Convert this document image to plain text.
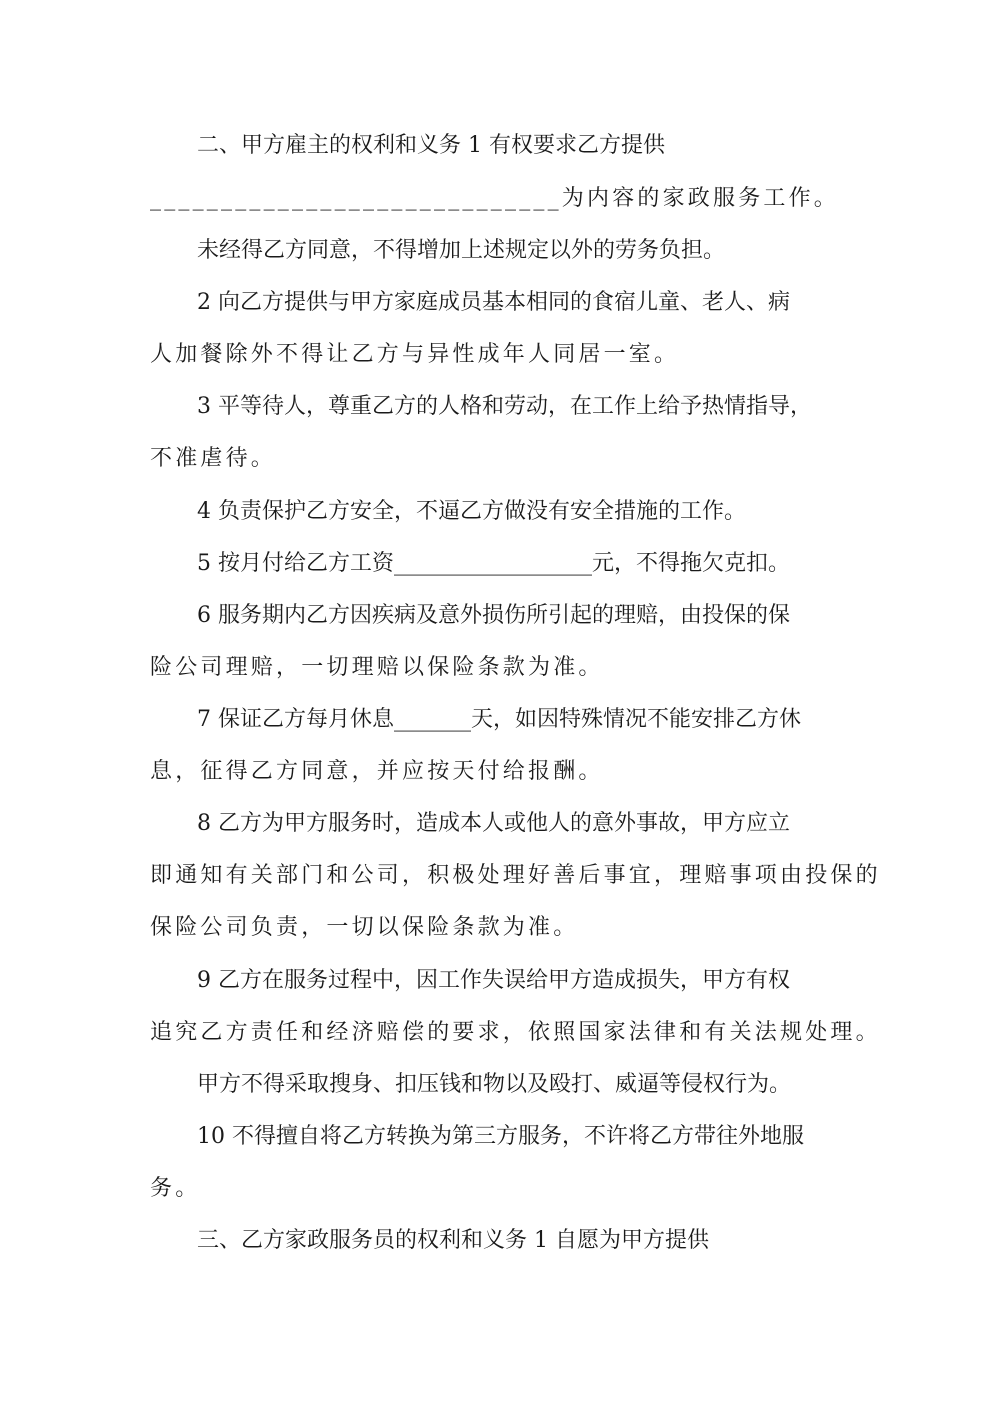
二、甲方雇主的权利和义务 1 有权要求乙方提供
_____________________________为内容的家政服务工作。
未经得乙方同意，不得增加上述规定以外的劳务负担。
2 向乙方提供与甲方家庭成员基本相同的食宿儿童、老人、病
人加餐除外不得让乙方与异性成年人同居一室。
3 平等待人，尊重乙方的人格和劳动，在工作上给予热情指导，
不准虐待。
4 负责保护乙方安全，不逼乙方做没有安全措施的工作。
5 按月付给乙方工资__________________元，不得拖欠克扣。
6 服务期内乙方因疾病及意外损伤所引起的理赔，由投保的保
险公司理赔，一切理赔以保险条款为准。
7 保证乙方每月休息_______天，如因特殊情况不能安排乙方休
息，征得乙方同意，并应按天付给报酬。
8 乙方为甲方服务时，造成本人或他人的意外事故，甲方应立
即通知有关部门和公司，积极处理好善后事宜，理赔事项由投保的
保险公司负责，一切以保险条款为准。
9 乙方在服务过程中，因工作失误给甲方造成损失，甲方有权
追究乙方责任和经济赔偿的要求，依照国家法律和有关法规处理。
甲方不得采取搜身、扣压钱和物以及殴打、威逼等侵权行为。
10 不得擅自将乙方转换为第三方服务，不许将乙方带往外地服
务。
三、乙方家政服务员的权利和义务 1 自愿为甲方提供
